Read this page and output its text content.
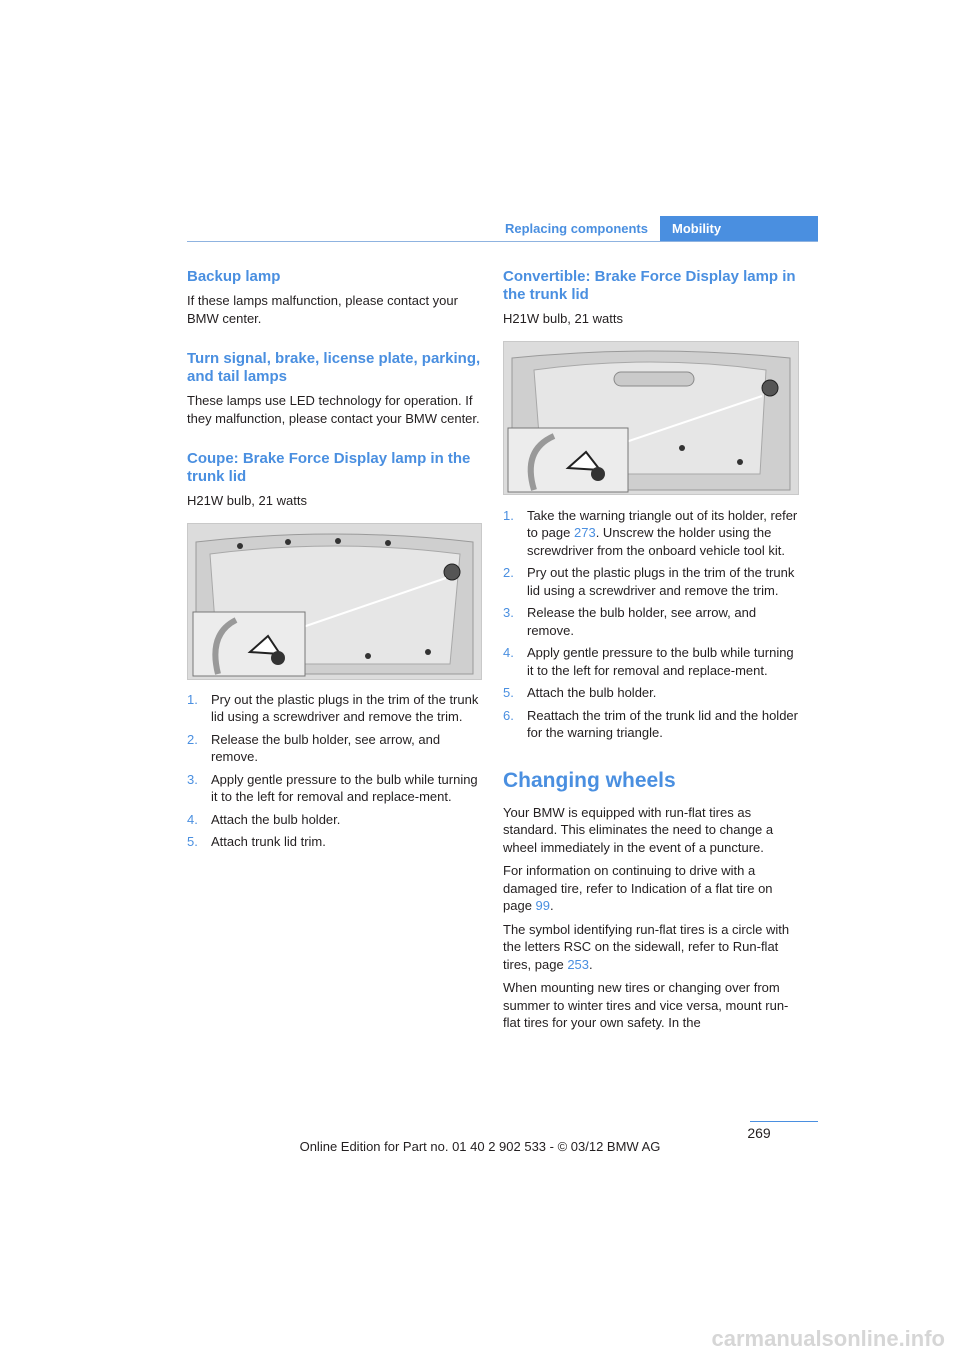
Replacing components	Mobility
Backup lamp

If these lamps malfunction, please contact your BMW center.

Turn signal, brake, license plate, parking, and tail lamps

These lamps use LED technology for operation. If they malfunction, please contact your BMW center.

Coupe: Brake Force Display lamp in the trunk lid

H21W bulb, 21 watts

1. Pry out the plastic plugs in the trim of the trunk lid using a screwdriver and remove the trim.
2. Release the bulb holder, see arrow, and remove.
3. Apply gentle pressure to the bulb while turning it to the left for removal and replace-ment.
4. Attach the bulb holder.
5. Attach trunk lid trim.
Convertible: Brake Force Display lamp in the trunk lid

H21W bulb, 21 watts

1. Take the warning triangle out of its holder, refer to page 273. Unscrew the holder using the screwdriver from the onboard vehicle tool kit.
2. Pry out the plastic plugs in the trim of the trunk lid using a screwdriver and remove the trim.
3. Release the bulb holder, see arrow, and remove.
4. Apply gentle pressure to the bulb while turning it to the left for removal and replace-ment.
5. Attach the bulb holder.
6. Reattach the trim of the trunk lid and the holder for the warning triangle.
Changing wheels

Your BMW is equipped with run-flat tires as standard. This eliminates the need to change a wheel immediately in the event of a puncture.

For information on continuing to drive with a damaged tire, refer to Indication of a flat tire on page 99.

The symbol identifying run-flat tires is a circle with the letters RSC on the sidewall, refer to Run-flat tires, page 253.

When mounting new tires or changing over from summer to winter tires and vice versa, mount run-flat tires for your own safety. In the

269
Online Edition for Part no. 01 40 2 902 533 - © 03/12 BMW AG
carmanualsonline.info
